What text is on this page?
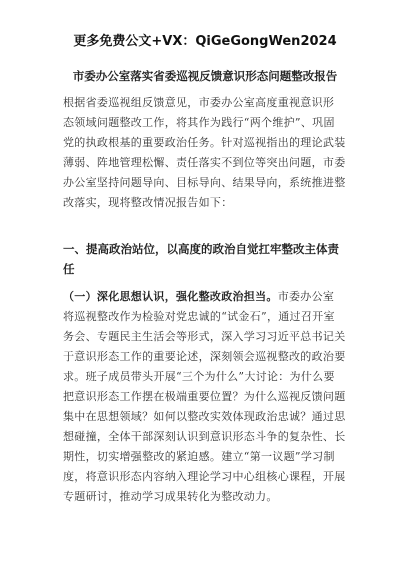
更多免费公文+VX：QiGeGongWen2024
市委办公室落实省委巡视反馈意识形态问题整改报告
根据省委巡视组反馈意见，市委办公室高度重视意识形
态领域问题整改工作，将其作为践行“两个维护”、巩固
党的执政根基的重要政治任务。针对巡视指出的理论武装
薄弱、阵地管理松懈、责任落实不到位等突出问题，市委
办公室坚持问题导向、目标导向、结果导向，系统推进整
改落实，现将整改情况报告如下：
一、提高政治站位，以高度的政治自觉扛牢整改主体责
任
（一）深化思想认识，强化整改政治担当。市委办公室
将巡视整改作为检验对党忠诚的“试金石”，通过召开室
务会、专题民主生活会等形式，深入学习习近平总书记关
于意识形态工作的重要论述，深刻领会巡视整改的政治要
求。班子成员带头开展“三个为什么”大讨论：为什么要
把意识形态工作摆在极端重要位置？为什么巡视反馈问题
集中在思想领域？如何以整改实效体现政治忠诚？通过思
想碰撞，全体干部深刻认识到意识形态斗争的复杂性、长
期性，切实增强整改的紧迫感。建立“第一议题”学习制
度，将意识形态内容纳入理论学习中心组核心课程，开展
专题研讨，推动学习成果转化为整改动力。
